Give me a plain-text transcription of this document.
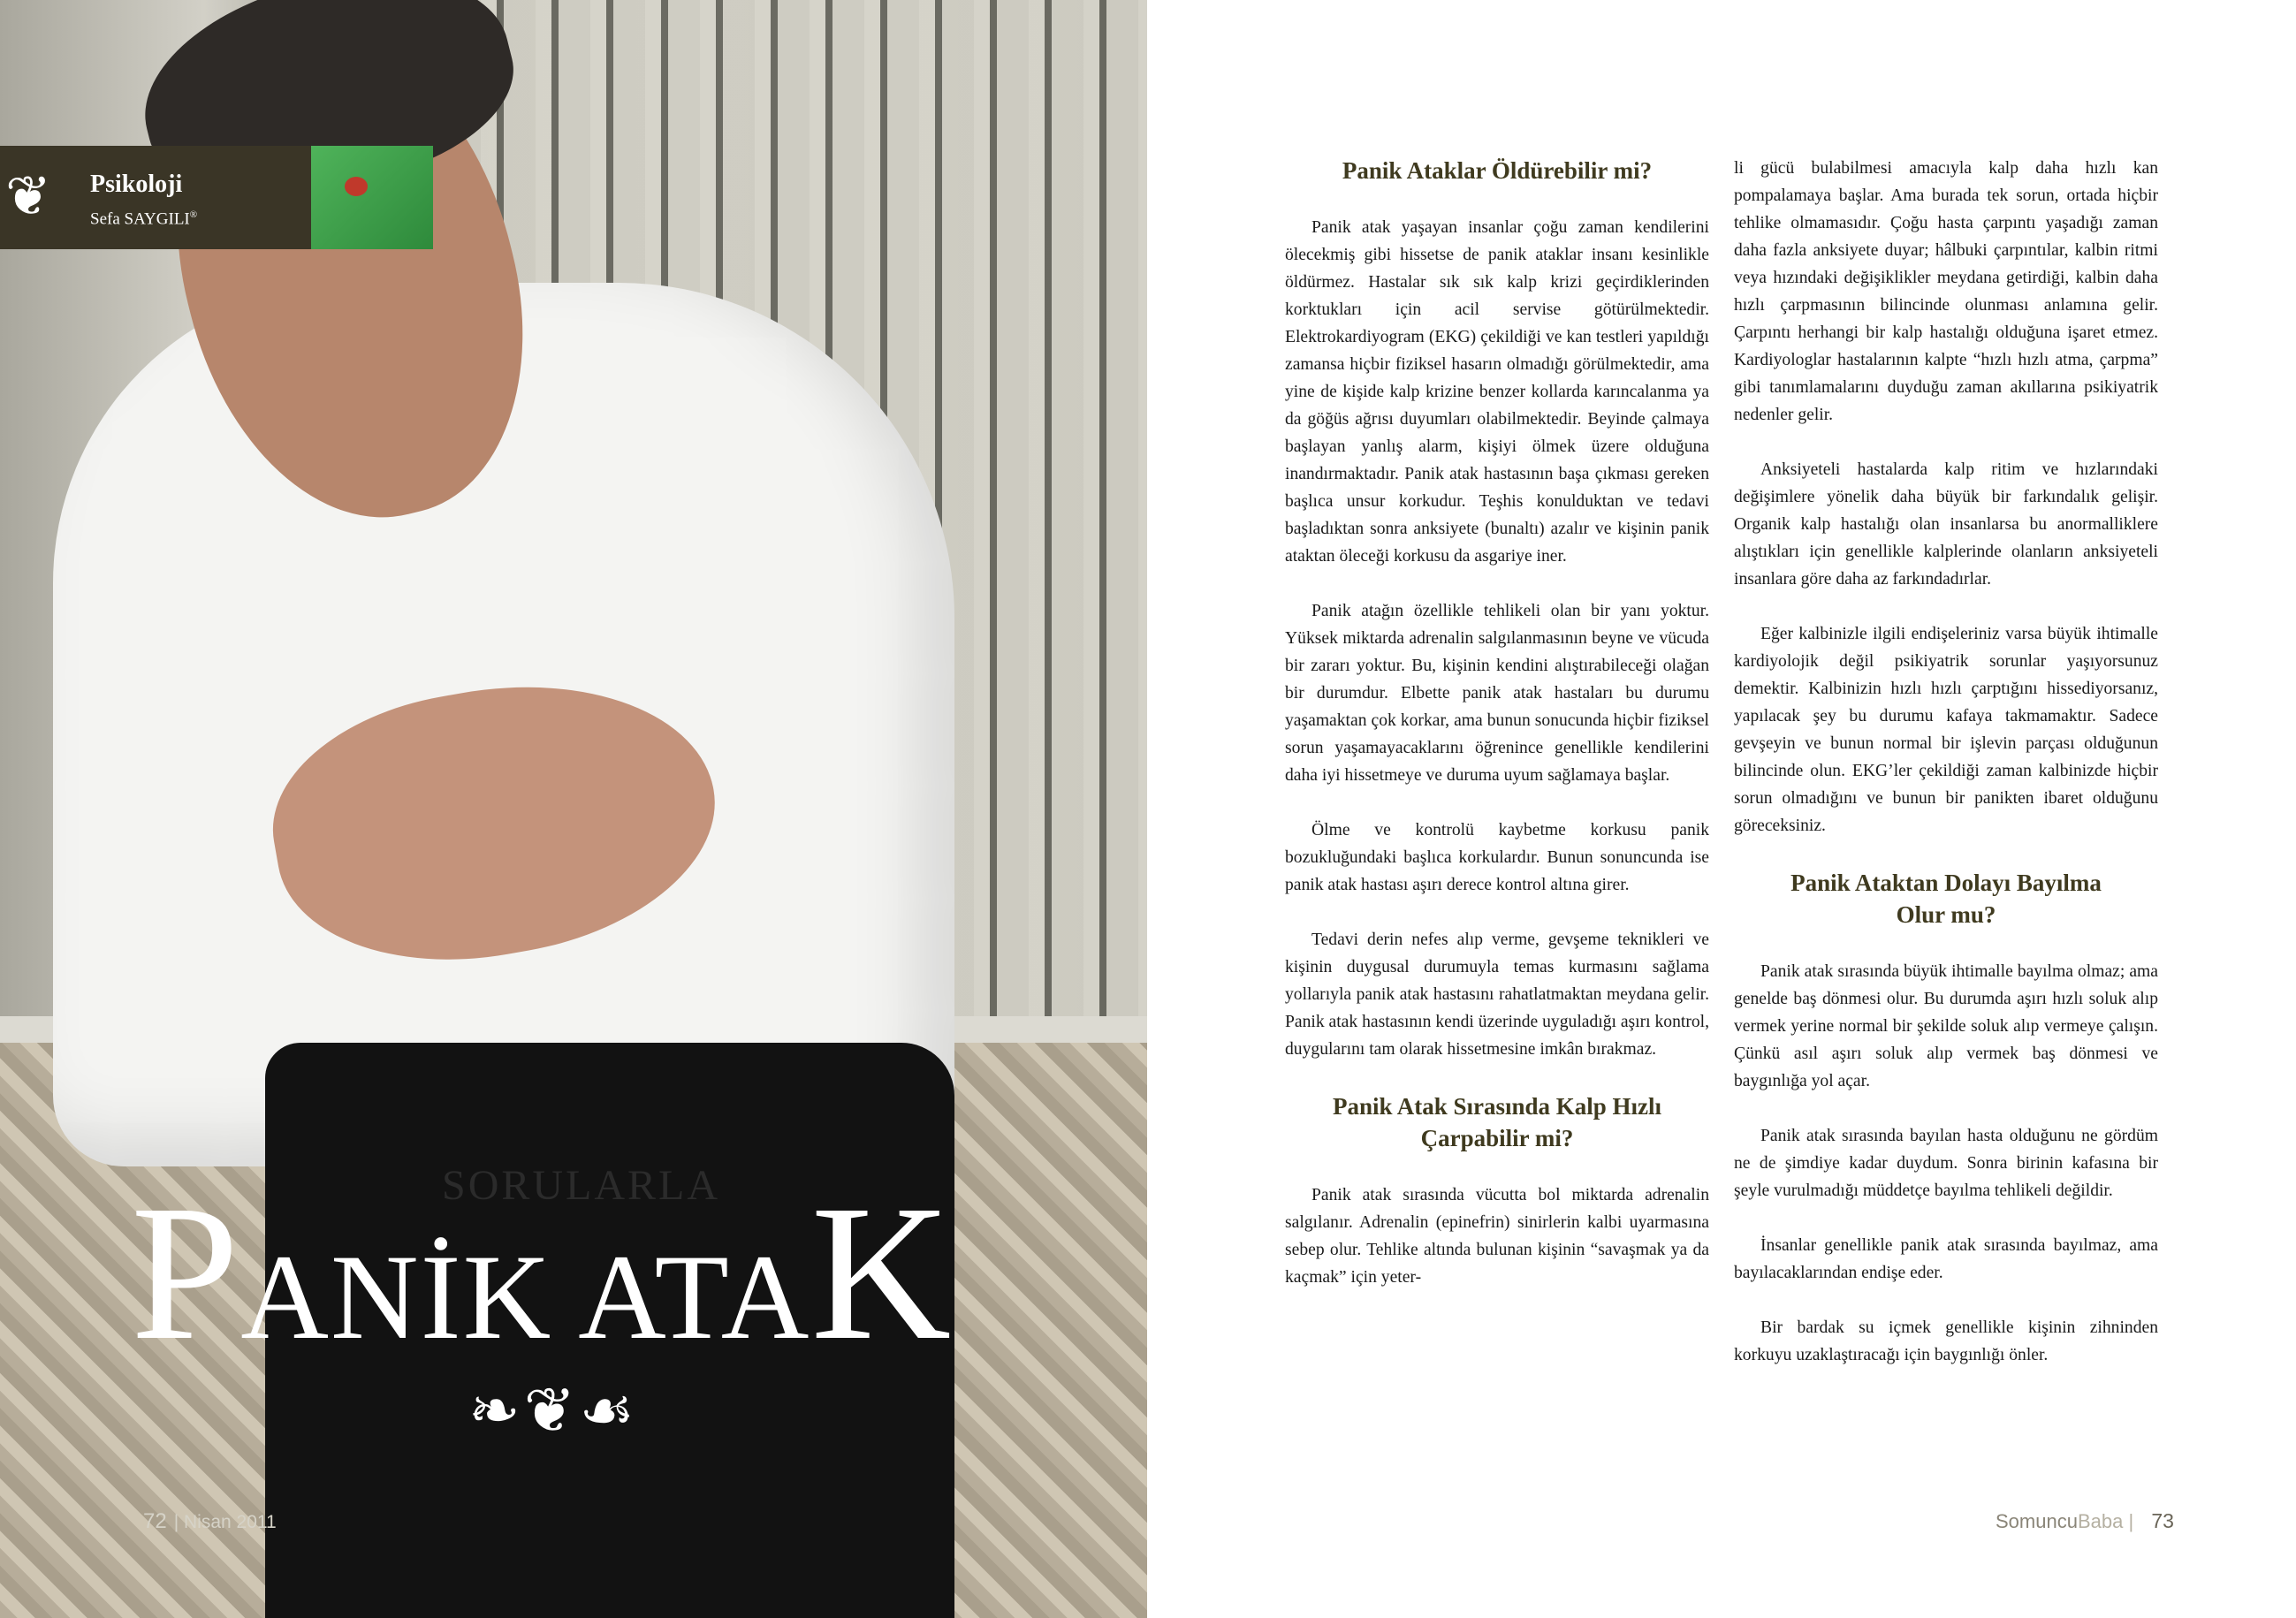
❦	Psikoloji
Sefa SAYGILI®
SORULARLA
PANİK ATAK
❧❦☙
72 | Nisan 2011
Panik Ataklar Öldürebilir mi?

Panik atak yaşayan insanlar çoğu zaman kendilerini ölecekmiş gibi hissetse de panik ataklar insanı kesinlikle öldürmez. Hastalar sık sık kalp krizi geçirdiklerinden korktukları için acil servise götürülmektedir. Elektrokardiyogram (EKG) çekildiği ve kan testleri yapıldığı zamansa hiçbir fiziksel hasarın olmadığı görülmektedir, ama yine de kişide kalp krizine benzer kollarda karıncalanma ya da göğüs ağrısı duyumları olabilmektedir. Beyinde çalmaya başlayan yanlış alarm, kişiyi ölmek üzere olduğuna inandırmaktadır. Panik atak hastasının başa çıkması gereken başlıca unsur korkudur. Teşhis konulduktan ve tedavi başladıktan sonra anksiyete (bunaltı) azalır ve kişinin panik ataktan öleceği korkusu da asgariye iner.

Panik atağın özellikle tehlikeli olan bir yanı yoktur. Yüksek miktarda adrenalin salgılanmasının beyne ve vücuda bir zararı yoktur. Bu, kişinin kendini alıştırabileceği olağan bir durumdur. Elbette panik atak hastaları bu durumu yaşamaktan çok korkar, ama bunun sonucunda hiçbir fiziksel sorun yaşamayacaklarını öğrenince genellikle kendilerini daha iyi hissetmeye ve duruma uyum sağlamaya başlar.

Ölme ve kontrolü kaybetme korkusu panik bozukluğundaki başlıca korkulardır. Bunun sonuncunda ise panik atak hastası aşırı derece kontrol altına girer.

Tedavi derin nefes alıp verme, gevşeme teknikleri ve kişinin duygusal durumuyla temas kurmasını sağlama yollarıyla panik atak hastasını rahatlatmaktan meydana gelir. Panik atak hastasının kendi üzerinde uyguladığı aşırı kontrol, duygularını tam olarak hissetmesine imkân bırakmaz.

Panik Atak Sırasında Kalp Hızlı
Çarpabilir mi?

Panik atak sırasında vücutta bol miktarda adrenalin salgılanır. Adrenalin (epinefrin) sinirlerin kalbi uyarmasına sebep olur. Tehlike altında bulunan kişinin “savaşmak ya da kaçmak” için yeter-

li gücü bulabilmesi amacıyla kalp daha hızlı kan pompalamaya başlar. Ama burada tek sorun, ortada hiçbir tehlike olmamasıdır. Çoğu hasta çarpıntı yaşadığı zaman daha fazla anksiyete duyar; hâlbuki çarpıntılar, kalbin ritmi veya hızındaki değişiklikler meydana getirdiği, kalbin daha hızlı çarpmasının bilincinde olunması anlamına gelir. Çarpıntı herhangi bir kalp hastalığı olduğuna işaret etmez. Kardiyologlar hastalarının kalpte “hızlı hızlı atma, çarpma” gibi tanımlamalarını duyduğu zaman akıllarına psikiyatrik nedenler gelir.

Anksiyeteli hastalarda kalp ritim ve hızlarındaki değişimlere yönelik daha büyük bir farkındalık gelişir. Organik kalp hastalığı olan insanlarsa bu anormalliklere alıştıkları için genellikle kalplerinde olanların anksiyeteli insanlara göre daha az farkındadırlar.

Eğer kalbinizle ilgili endişeleriniz varsa büyük ihtimalle kardiyolojik değil psikiyatrik sorunlar yaşıyorsunuz demektir. Kalbinizin hızlı hızlı çarptığını hissediyorsanız, yapılacak şey bu durumu kafaya takmamaktır. Sadece gevşeyin ve bunun normal bir işlevin parçası olduğunun bilincinde olun. EKG’ler çekildiği zaman kalbinizde hiçbir sorun olmadığını ve bunun bir panikten ibaret olduğunu göreceksiniz.

Panik Ataktan Dolayı Bayılma
Olur mu?

Panik atak sırasında büyük ihtimalle bayılma olmaz; ama genelde baş dönmesi olur. Bu durumda aşırı hızlı soluk alıp vermek yerine normal bir şekilde soluk alıp vermeye çalışın. Çünkü asıl aşırı soluk alıp vermek baş dönmesi ve baygınlığa yol açar.

Panik atak sırasında bayılan hasta olduğunu ne gördüm ne de şimdiye kadar duydum. Sonra birinin kafasına bir şeyle vurulmadığı müddetçe bayılma tehlikeli değildir.

İnsanlar genellikle panik atak sırasında bayılmaz, ama bayılacaklarından endişe eder.

Bir bardak su içmek genellikle kişinin zihninden korkuyu uzaklaştıracağı için baygınlığı önler.

SomuncuBaba | 73
